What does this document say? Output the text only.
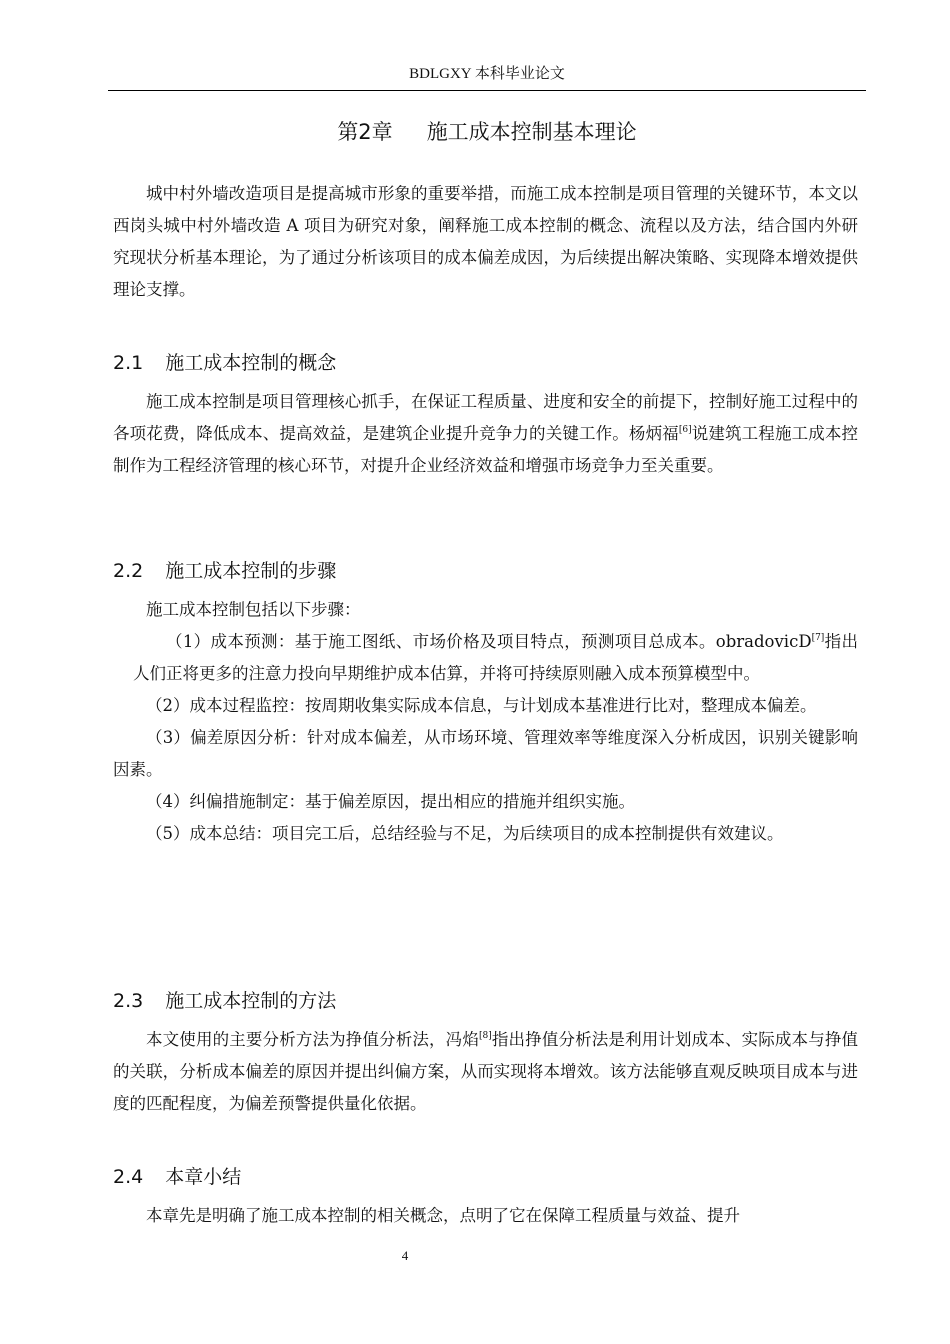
BDLGXY 本科毕业论文
第2章 施工成本控制基本理论

城中村外墙改造项目是提高城市形象的重要举措，而施工成本控制是项目管理的关键环节，本文以西岗头城中村外墙改造 A 项目为研究对象，阐释施工成本控制的概念、流程以及方法，结合国内外研究现状分析基本理论，为了通过分析该项目的成本偏差成因，为后续提出解决策略、实现降本增效提供理论支撑。

2.1 施工成本控制的概念

施工成本控制是项目管理核心抓手，在保证工程质量、进度和安全的前提下，控制好施工过程中的各项花费，降低成本、提高效益，是建筑企业提升竞争力的关键工作。杨炳福[6]说建筑工程施工成本控制作为工程经济管理的核心环节，对提升企业经济效益和增强市场竞争力至关重要。

2.2 施工成本控制的步骤

施工成本控制包括以下步骤：

（1）成本预测：基于施工图纸、市场价格及项目特点，预测项目总成本。obradovicD[7]指出人们正将更多的注意力投向早期维护成本估算，并将可持续原则融入成本预算模型中。

（2）成本过程监控：按周期收集实际成本信息，与计划成本基准进行比对，整理成本偏差。

（3）偏差原因分析：针对成本偏差，从市场环境、管理效率等维度深入分析成因，识别关键影响因素。

（4）纠偏措施制定：基于偏差原因，提出相应的措施并组织实施。

（5）成本总结：项目完工后，总结经验与不足，为后续项目的成本控制提供有效建议。

2.3 施工成本控制的方法

本文使用的主要分析方法为挣值分析法，冯焰[8]指出挣值分析法是利用计划成本、实际成本与挣值的关联，分析成本偏差的原因并提出纠偏方案，从而实现将本增效。该方法能够直观反映项目成本与进度的匹配程度，为偏差预警提供量化依据。

2.4 本章小结

本章先是明确了施工成本控制的相关概念，点明了它在保障工程质量与效益、提升

4
